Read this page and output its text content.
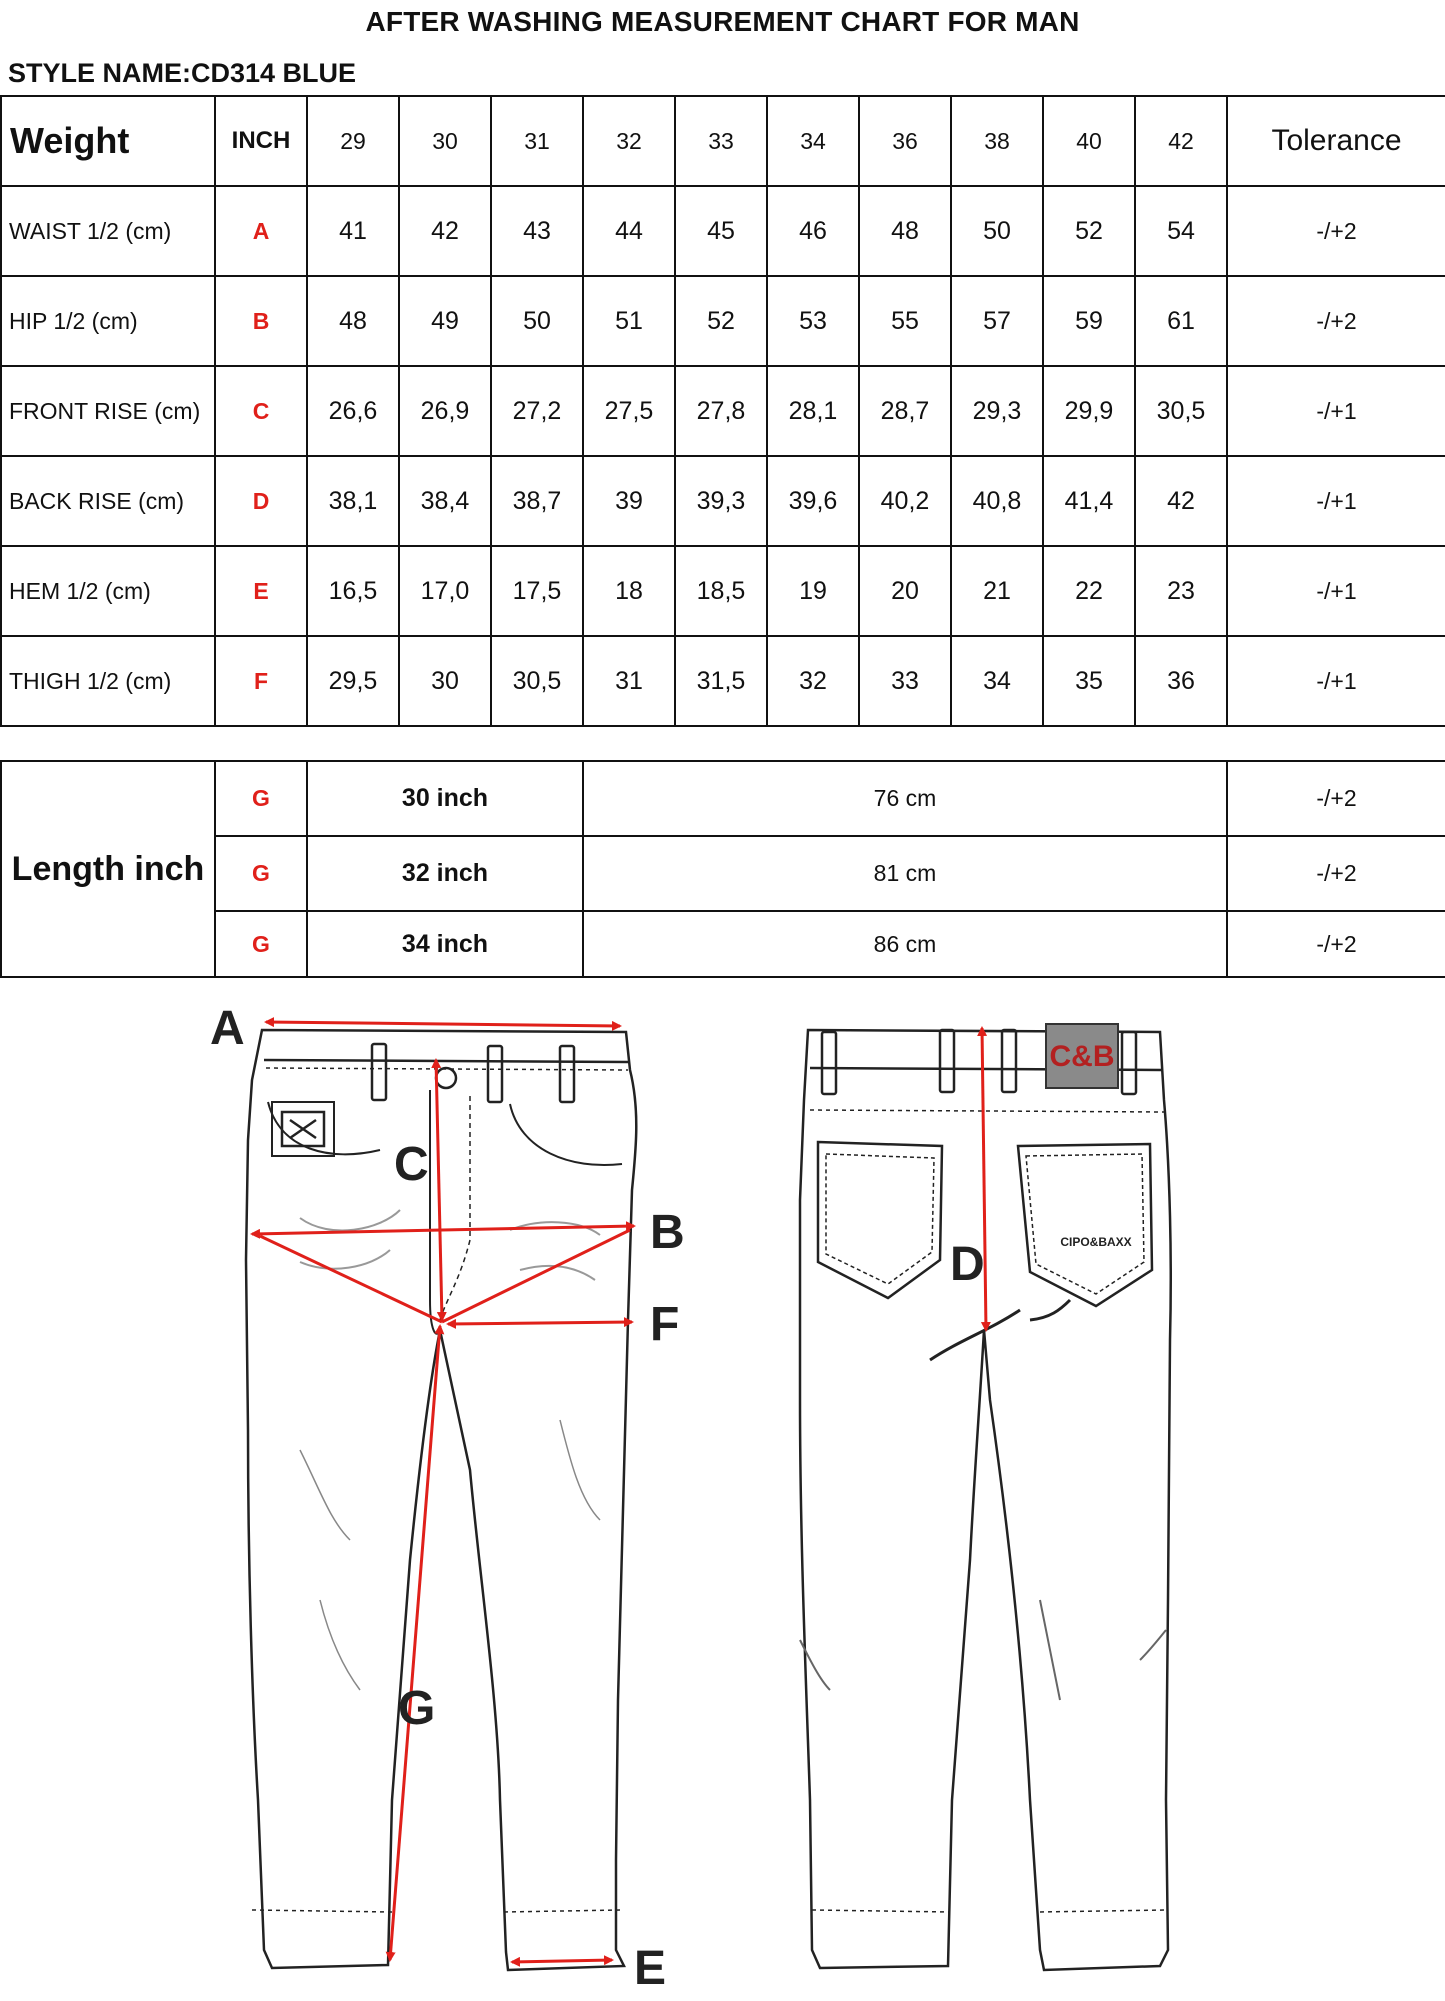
AFTER WASHING MEASUREMENT CHART FOR MAN
STYLE NAME:CD314 BLUE
Weight	INCH	29	30	31	32	33	34	36	38	40	42	Tolerance
WAIST 1/2 (cm)	A	41	42	43	44	45	46	48	50	52	54	-/+2
HIP 1/2 (cm)	B	48	49	50	51	52	53	55	57	59	61	-/+2
FRONT RISE (cm)	C	26,6	26,9	27,2	27,5	27,8	28,1	28,7	29,3	29,9	30,5	-/+1
BACK RISE (cm)	D	38,1	38,4	38,7	39	39,3	39,6	40,2	40,8	41,4	42	-/+1
HEM 1/2 (cm)	E	16,5	17,0	17,5	18	18,5	19	20	21	22	23	-/+1
THIGH 1/2 (cm)	F	29,5	30	30,5	31	31,5	32	33	34	35	36	-/+1
Length inch	G	30 inch	76 cm	-/+2
	G	32 inch	81 cm	-/+2
	G	34 inch	86 cm	-/+2
C&B
CIPO&BAXX
A
C
B
F
G
E
D
